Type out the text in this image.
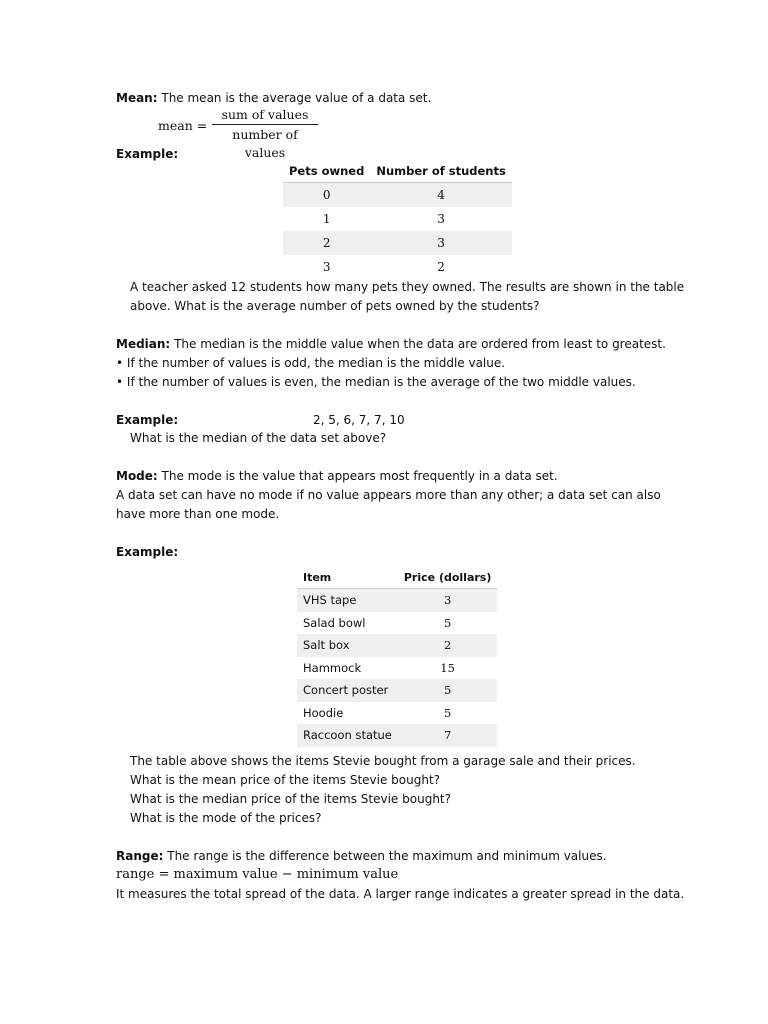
Mean: The mean is the average value of a data set.
mean =
sum of values
number of values
Example:
Pets owned	Number of students
0	4
1	3
2	3
3	2
A teacher asked 12 students how many pets they owned. The results are shown in the table
above. What is the average number of pets owned by the students?
Median: The median is the middle value when the data are ordered from least to greatest.
• If the number of values is odd, the median is the middle value.
• If the number of values is even, the median is the average of the two middle values.
Example:	2, 5, 6, 7, 7, 10
What is the median of the data set above?
Mode: The mode is the value that appears most frequently in a data set.
A data set can have no mode if no value appears more than any other; a data set can also
have more than one mode.
Example:
Item	Price (dollars)
VHS tape	3
Salad bowl	5
Salt box	2
Hammock	15
Concert poster	5
Hoodie	5
Raccoon statue	7
The table above shows the items Stevie bought from a garage sale and their prices.
What is the mean price of the items Stevie bought?
What is the median price of the items Stevie bought?
What is the mode of the prices?
Range: The range is the difference between the maximum and minimum values.
range = maximum value − minimum value
It measures the total spread of the data. A larger range indicates a greater spread in the data.
